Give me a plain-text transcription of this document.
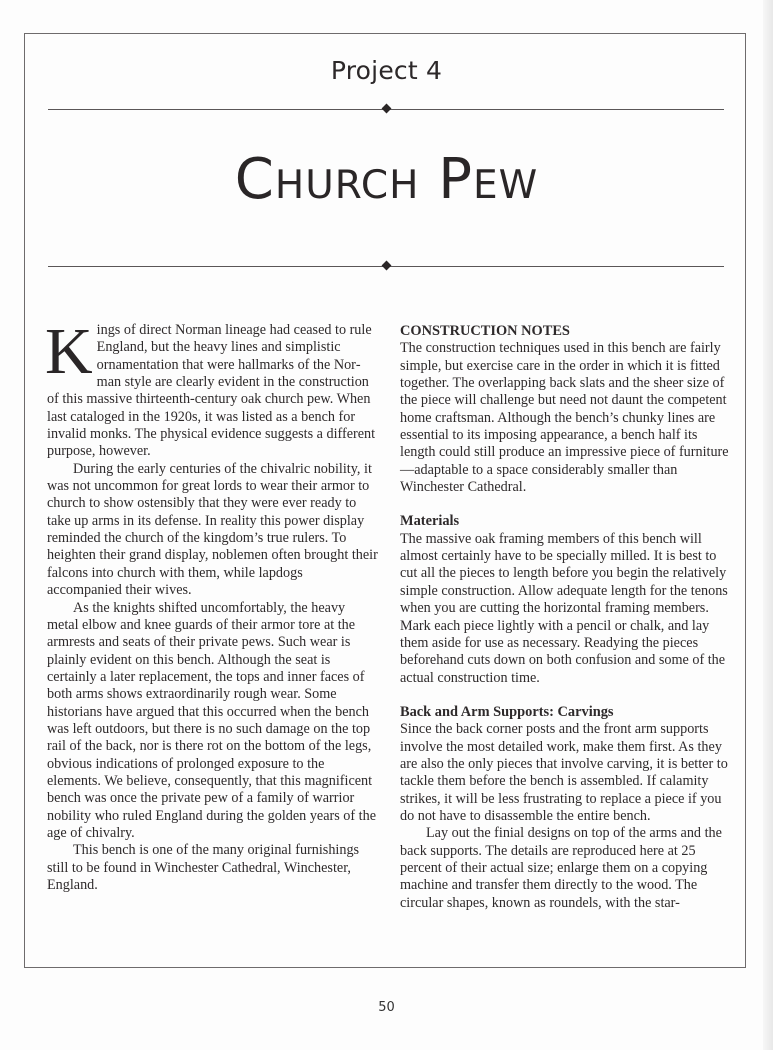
Project 4
Church Pew

Kings of direct Norman lineage had ceased to rule England, but the heavy lines and simplistic ornamentation that were hallmarks of the Norman style are clearly evident in the construction of this massive thirteenth-century oak church pew. When last cataloged in the 1920s, it was listed as a bench for invalid monks. The physical evidence suggests a different purpose, however.

During the early centuries of the chivalric nobility, it was not uncommon for great lords to wear their armor to church to show ostensibly that they were ever ready to take up arms in its defense. In reality this power display reminded the church of the kingdom’s true rulers. To heighten their grand display, noblemen often brought their falcons into church with them, while lapdogs accompanied their wives.

As the knights shifted uncomfortably, the heavy metal elbow and knee guards of their armor tore at the armrests and seats of their private pews. Such wear is plainly evident on this bench. Although the seat is certainly a later replacement, the tops and inner faces of both arms shows extraordinarily rough wear. Some historians have argued that this occurred when the bench was left outdoors, but there is no such damage on the top rail of the back, nor is there rot on the bottom of the legs, obvious indications of prolonged exposure to the elements. We believe, consequently, that this magnificent bench was once the private pew of a family of warrior nobility who ruled England during the golden years of the age of chivalry.

This bench is one of the many original furnishings still to be found in Winchester Cathedral, Winchester, England.

CONSTRUCTION NOTES

The construction techniques used in this bench are fairly simple, but exercise care in the order in which it is fitted together. The overlapping back slats and the sheer size of the piece will challenge but need not daunt the competent home craftsman. Although the bench’s chunky lines are essential to its imposing appearance, a bench half its length could still produce an impressive piece of furniture—adaptable to a space considerably smaller than Winchester Cathedral.

Materials

The massive oak framing members of this bench will almost certainly have to be specially milled. It is best to cut all the pieces to length before you begin the relatively simple construction. Allow adequate length for the tenons when you are cutting the horizontal framing members. Mark each piece lightly with a pencil or chalk, and lay them aside for use as necessary. Readying the pieces beforehand cuts down on both confusion and some of the actual construction time.

Back and Arm Supports: Carvings

Since the back corner posts and the front arm supports involve the most detailed work, make them first. As they are also the only pieces that involve carving, it is better to tackle them before the bench is assembled. If calamity strikes, it will be less frustrating to replace a piece if you do not have to disassemble the entire bench.

Lay out the finial designs on top of the arms and the back supports. The details are reproduced here at 25 percent of their actual size; enlarge them on a copying machine and transfer them directly to the wood. The circular shapes, known as roundels, with the star-

50
